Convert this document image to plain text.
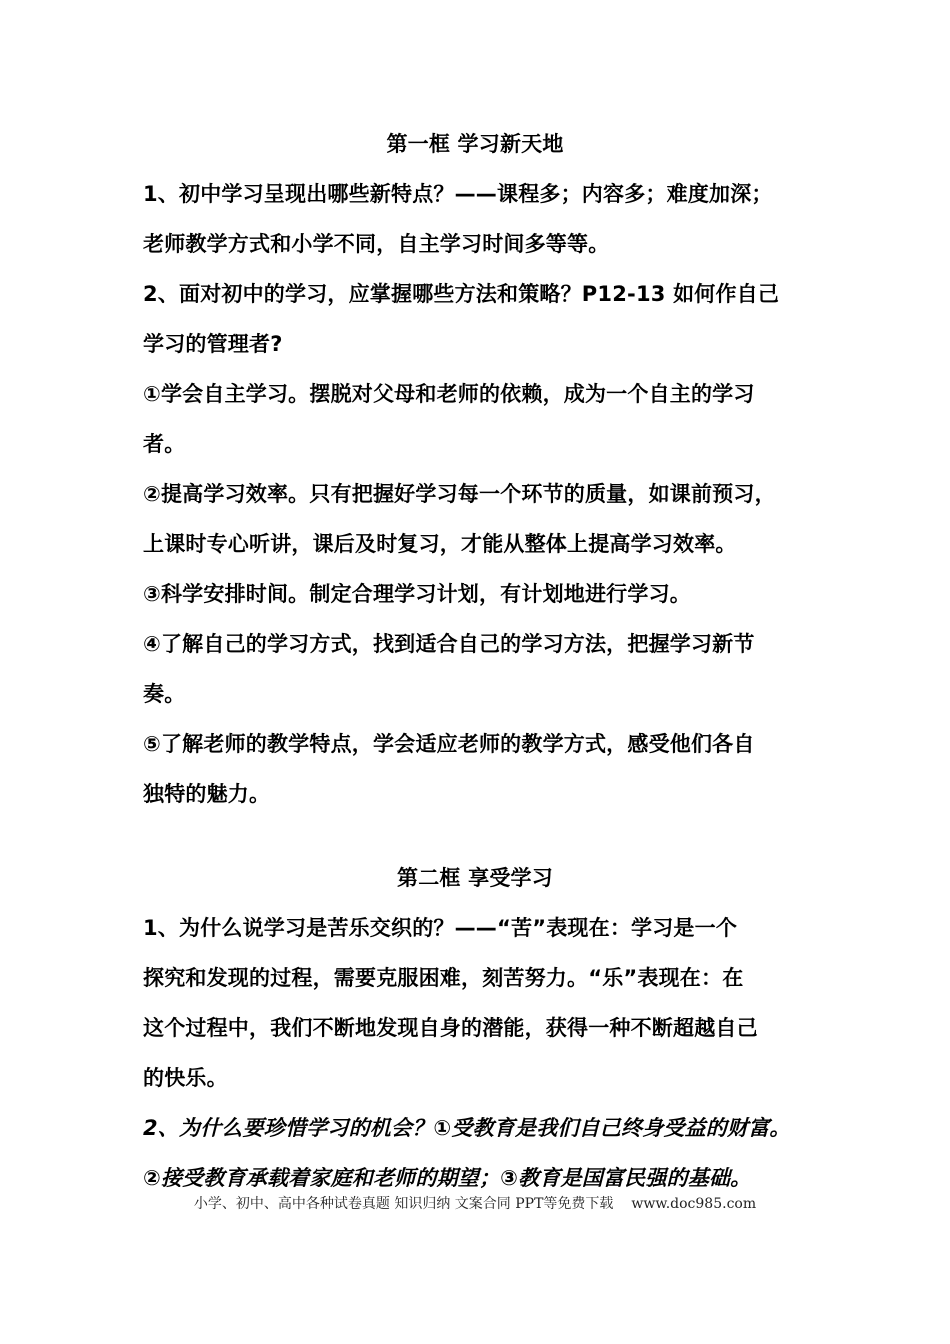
第一框 学习新天地
1、初中学习呈现出哪些新特点？——课程多；内容多；难度加深；
老师教学方式和小学不同，自主学习时间多等等。
2、面对初中的学习，应掌握哪些方法和策略？P12-13 如何作自己
学习的管理者?
①学会自主学习。摆脱对父母和老师的依赖，成为一个自主的学习
者。
②提高学习效率。只有把握好学习每一个环节的质量，如课前预习，
上课时专心听讲，课后及时复习，才能从整体上提高学习效率。
③科学安排时间。制定合理学习计划，有计划地进行学习。
④了解自己的学习方式，找到适合自己的学习方法，把握学习新节
奏。
⑤了解老师的教学特点，学会适应老师的教学方式，感受他们各自
独特的魅力。
第二框 享受学习
1、为什么说学习是苦乐交织的？——“苦”表现在：学习是一个
探究和发现的过程，需要克服困难，刻苦努力。“乐”表现在：在
这个过程中，我们不断地发现自身的潜能，获得一种不断超越自己
的快乐。
2、为什么要珍惜学习的机会？①受教育是我们自己终身受益的财富。
②接受教育承载着家庭和老师的期望；③教育是国富民强的基础。
小学、初中、高中各种试卷真题 知识归纳 文案合同 PPT等免费下载 www.doc985.com
